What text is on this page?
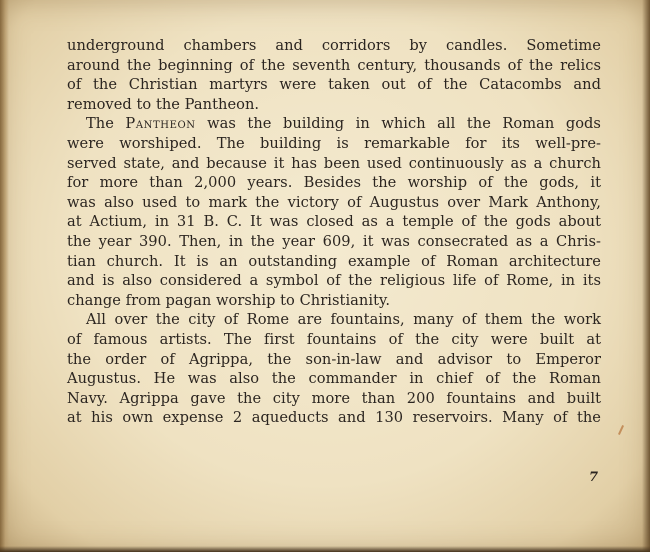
underground chambers and corridors by candles. Sometime
around the beginning of the seventh century, thousands of the relics
of the Christian martyrs were taken out of the Catacombs and
removed to the Pantheon.
The Pantheon was the building in which all the Roman gods
were worshiped. The building is remarkable for its well-pre-
served state, and because it has been used continuously as a church
for more than 2,000 years. Besides the worship of the gods, it
was also used to mark the victory of Augustus over Mark Anthony,
at Actium, in 31 B. C. It was closed as a temple of the gods about
the year 390. Then, in the year 609, it was consecrated as a Chris-
tian church. It is an outstanding example of Roman architecture
and is also considered a symbol of the religious life of Rome, in its
change from pagan worship to Christianity.
All over the city of Rome are fountains, many of them the work
of famous artists. The first fountains of the city were built at
the order of Agrippa, the son-in-law and advisor to Emperor
Augustus. He was also the commander in chief of the Roman
Navy. Agrippa gave the city more than 200 fountains and built
at his own expense 2 aqueducts and 130 reservoirs. Many of the
7
